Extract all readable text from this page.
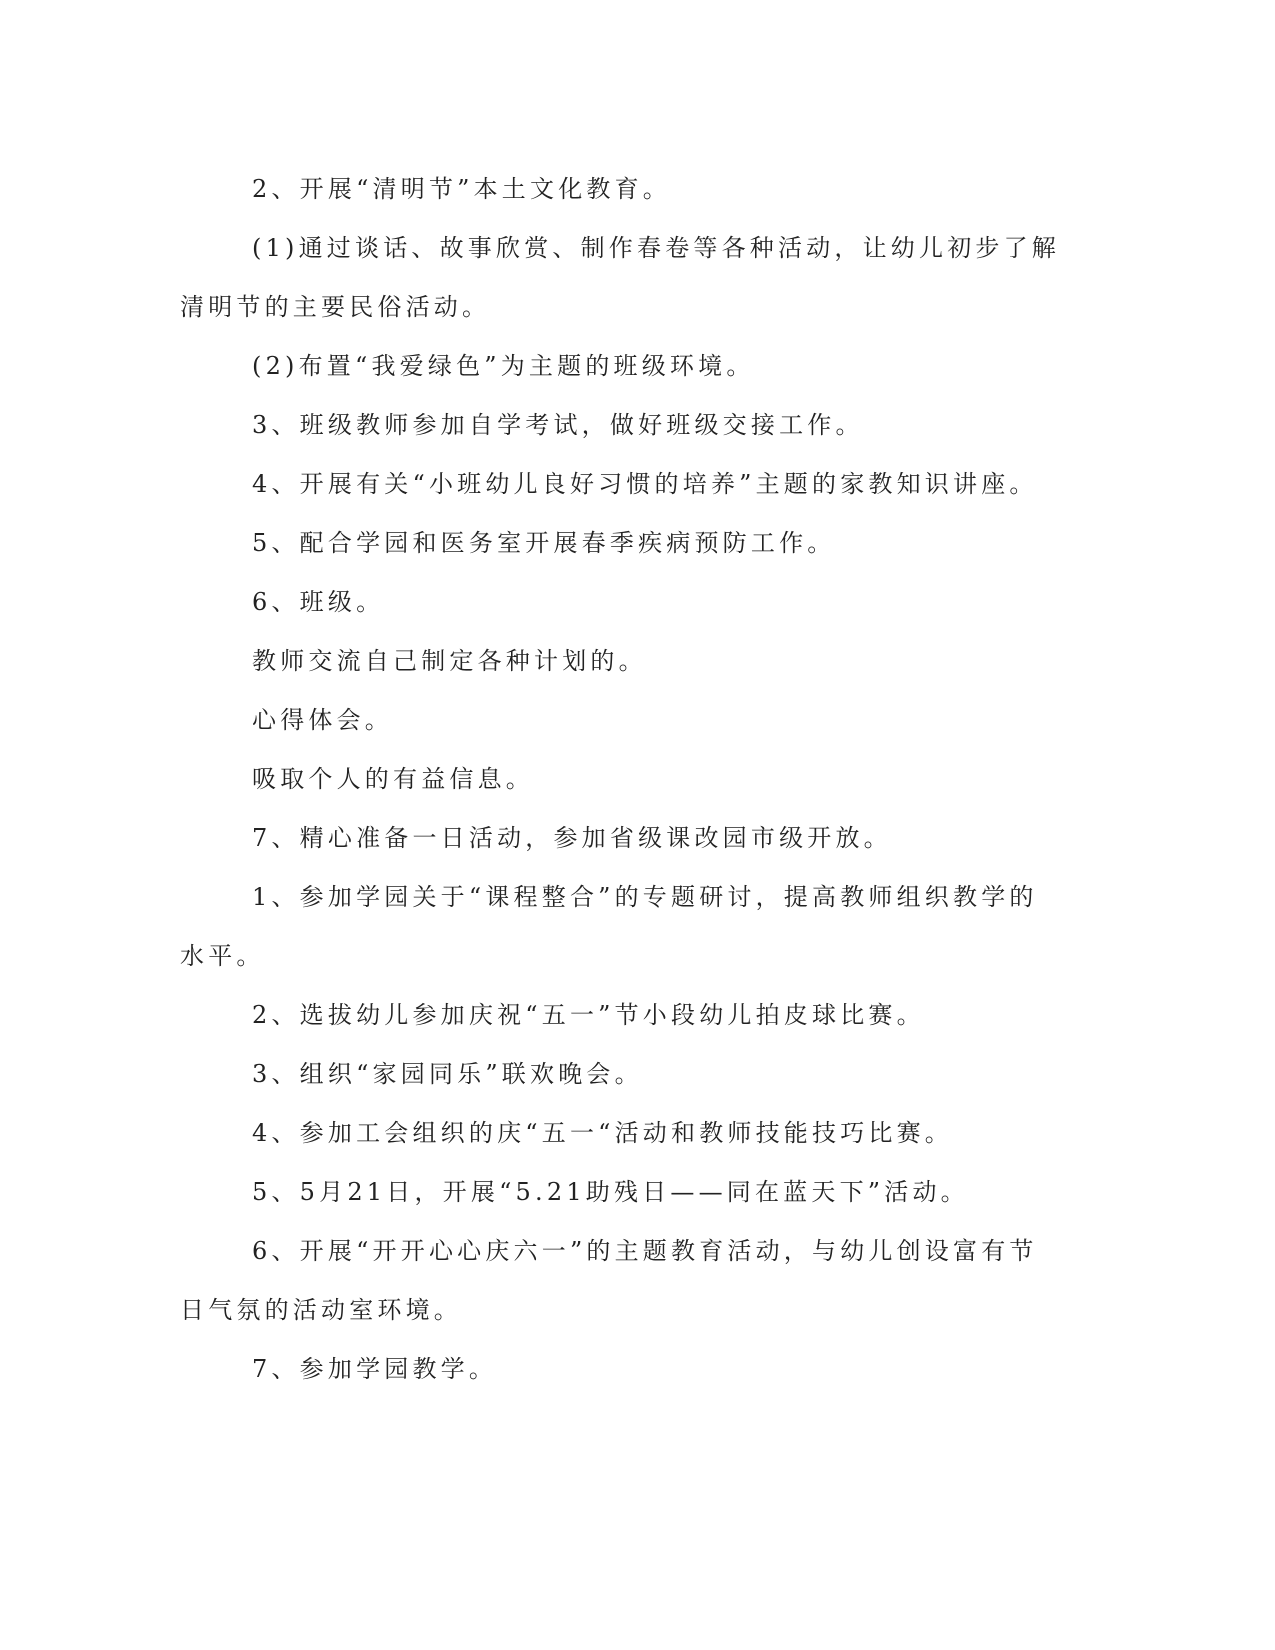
2、开展“清明节”本土文化教育。

(1)通过谈话、故事欣赏、制作春卷等各种活动，让幼儿初步了解清明节的主要民俗活动。

(2)布置“我爱绿色”为主题的班级环境。

3、班级教师参加自学考试，做好班级交接工作。

4、开展有关“小班幼儿良好习惯的培养”主题的家教知识讲座。

5、配合学园和医务室开展春季疾病预防工作。

6、班级。

教师交流自己制定各种计划的。

心得体会。

吸取个人的有益信息。

7、精心准备一日活动，参加省级课改园市级开放。

1、参加学园关于“课程整合”的专题研讨，提高教师组织教学的水平。

2、选拔幼儿参加庆祝“五一”节小段幼儿拍皮球比赛。

3、组织“家园同乐”联欢晚会。

4、参加工会组织的庆“五一“活动和教师技能技巧比赛。

5、5月21日，开展“5.21助残日——同在蓝天下”活动。

6、开展“开开心心庆六一”的主题教育活动，与幼儿创设富有节日气氛的活动室环境。

7、参加学园教学。
